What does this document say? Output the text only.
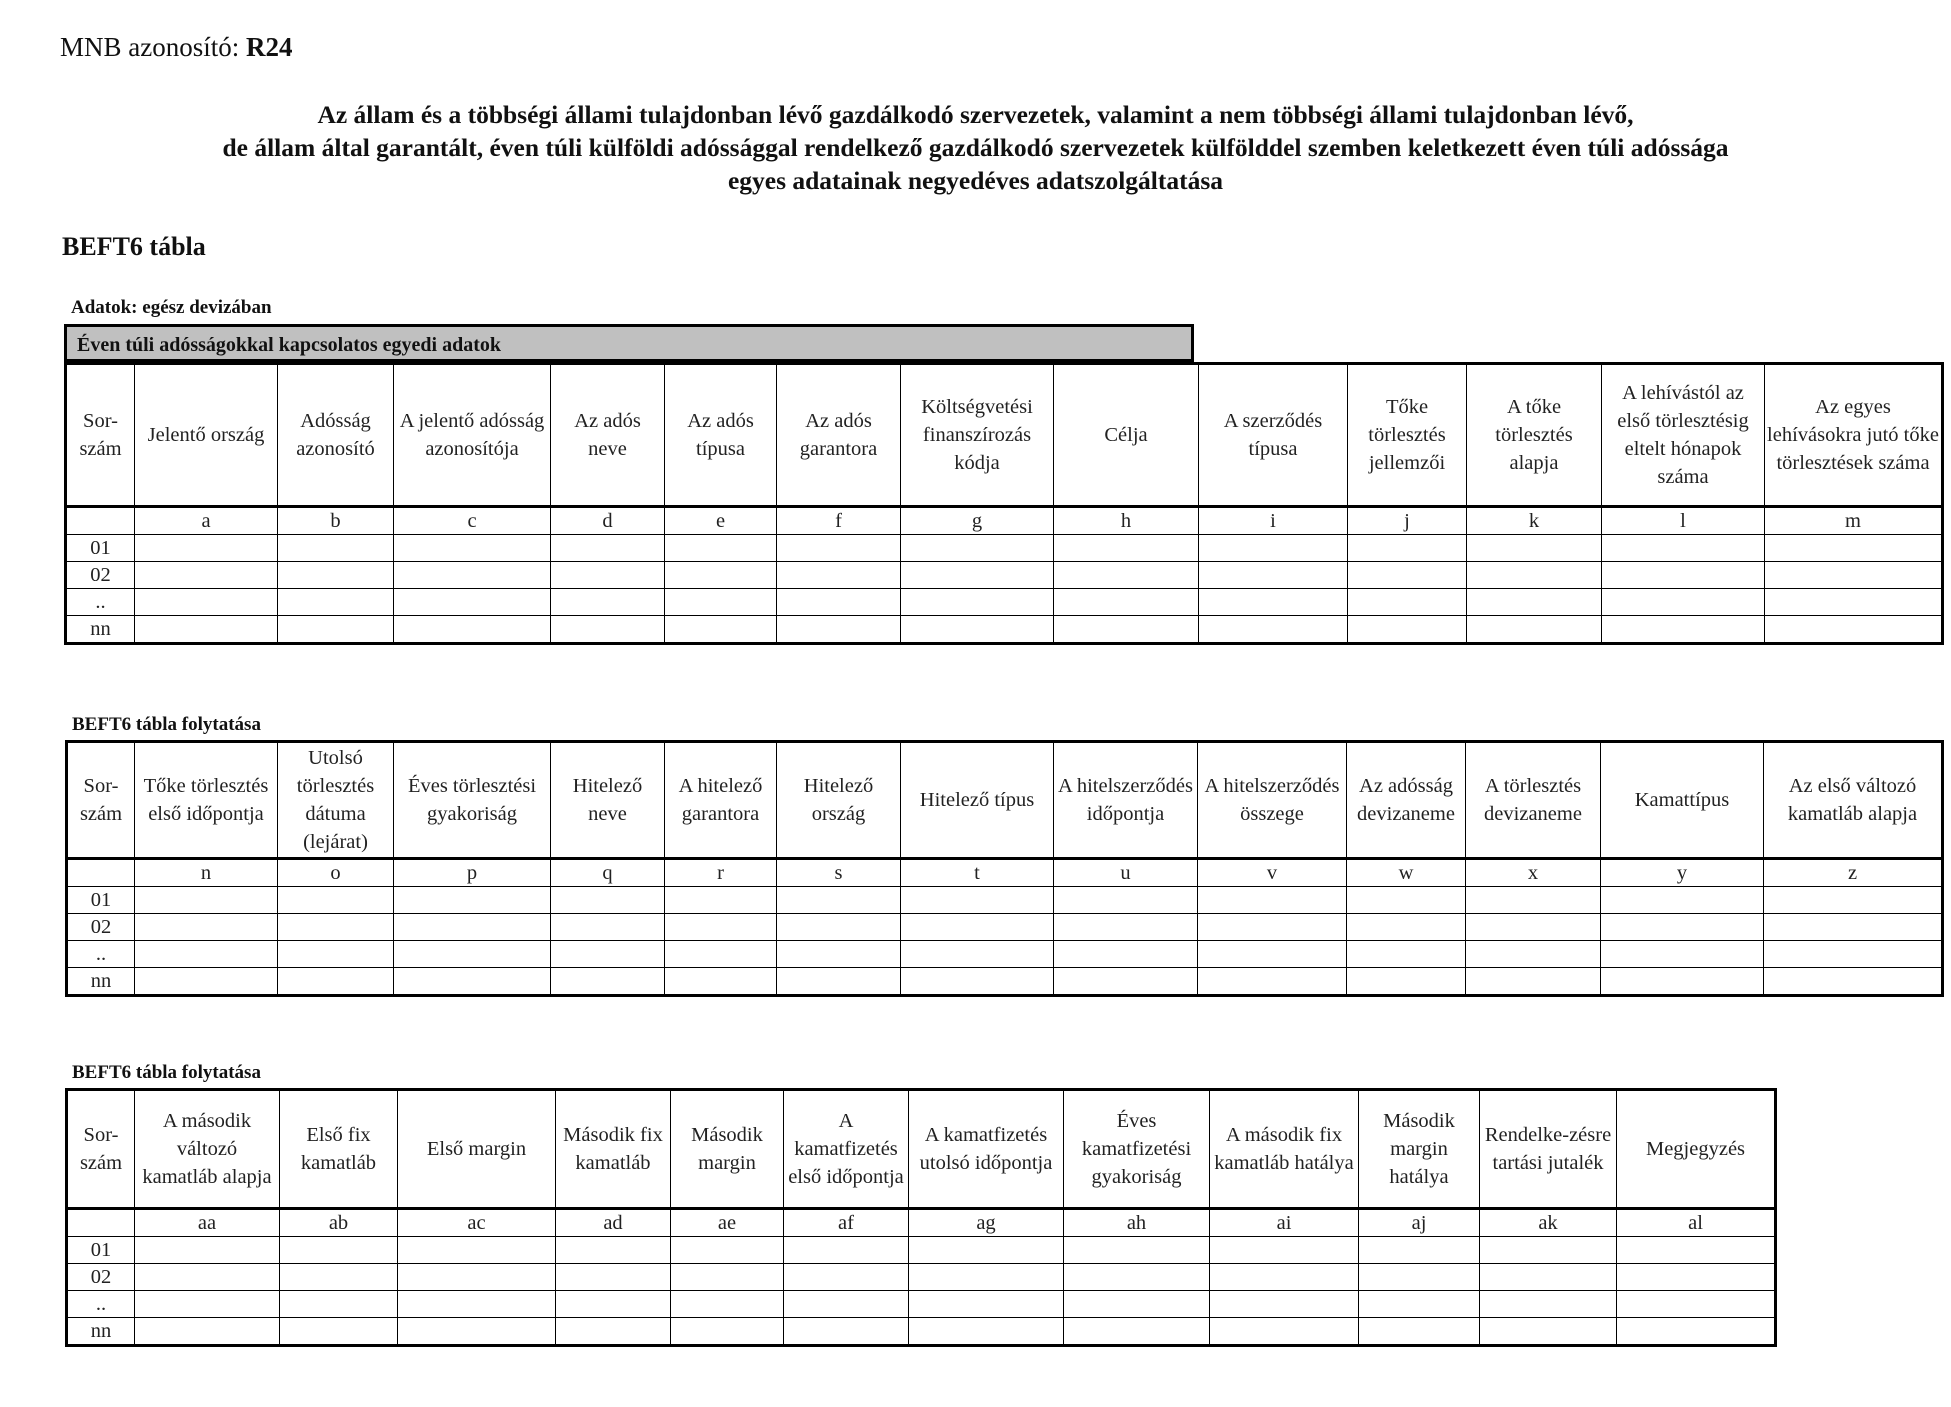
MNB azonosító: R24
Az állam és a többségi állami tulajdonban lévő gazdálkodó szervezetek, valamint a nem többségi állami tulajdonban lévő,
de állam által garantált, éven túli külföldi adóssággal rendelkező gazdálkodó szervezetek külfölddel szemben keletkezett éven túli adóssága
egyes adatainak negyedéves adatszolgáltatása
BEFT6 tábla
Adatok: egész devizában
Éven túli adósságokkal kapcsolatos egyedi adatok
Sor-szám	Jelentő ország	Adósság azonosító	A jelentő adósság azonosítója	Az adós neve	Az adós típusa	Az adós garantora	Költségvetési finanszírozás kódja	Célja	A szerződés típusa	Tőke törlesztés jellemzői	A tőke törlesztés alapja	A lehívástól az első törlesztésig eltelt hónapok száma	Az egyes lehívásokra jutó tőke törlesztések száma
	a	b	c	d	e	f	g	h	i	j	k	l	m
01													
02													
..													
nn													
BEFT6 tábla folytatása
Sor-szám	Tőke törlesztés első időpontja	Utolsó törlesztés dátuma (lejárat)	Éves törlesztési gyakoriság	Hitelező neve	A hitelező garantora	Hitelező ország	Hitelező típus	A hitelszerződés időpontja	A hitelszerződés összege	Az adósság devizaneme	A törlesztés devizaneme	Kamattípus	Az első változó kamatláb alapja
	n	o	p	q	r	s	t	u	v	w	x	y	z
01													
02													
..													
nn													
BEFT6 tábla folytatása
Sor-szám	A második változó kamatláb alapja	Első fix kamatláb	Első margin	Második fix kamatláb	Második margin	A kamatfizetés első időpontja	A kamatfizetés utolsó időpontja	Éves kamatfizetési gyakoriság	A második fix kamatláb hatálya	Második margin hatálya	Rendelke-zésre tartási jutalék	Megjegyzés
	aa	ab	ac	ad	ae	af	ag	ah	ai	aj	ak	al
01												
02												
..												
nn												
